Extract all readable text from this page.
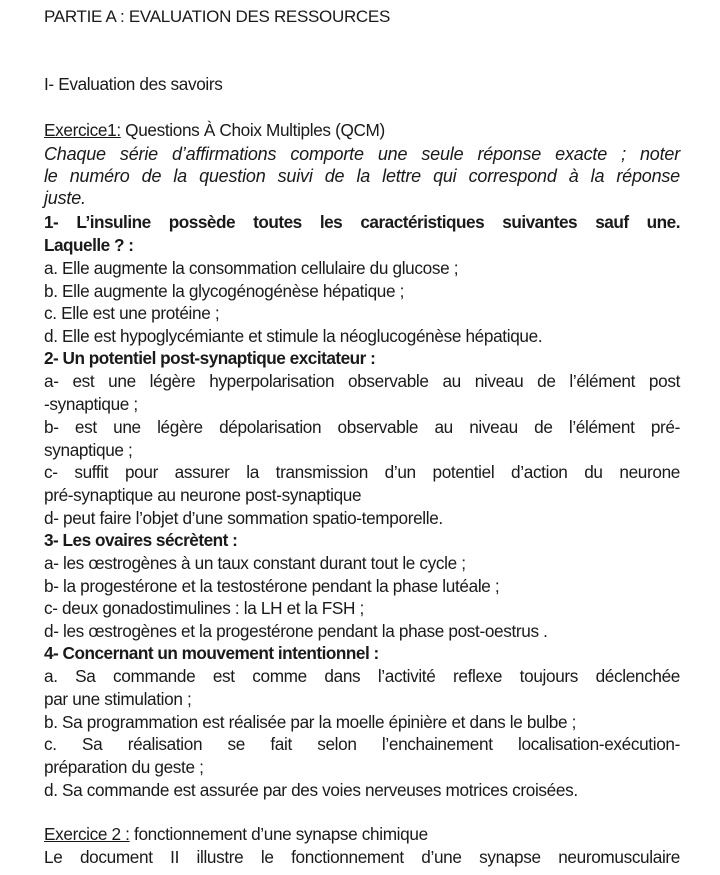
PARTIE A : EVALUATION DES RESSOURCES
I- Evaluation des savoirs
Exercice1: Questions À Choix Multiples (QCM)
Chaque série d’affirmations comporte une seule réponse exacte ; noter
le numéro de la question suivi de la lettre qui correspond à la réponse
juste.
1- L’insuline possède toutes les caractéristiques suivantes sauf une.
Laquelle ? :
a. Elle augmente la consommation cellulaire du glucose ;
b. Elle augmente la glycogénogénèse hépatique ;
c. Elle est une protéine ;
d. Elle est hypoglycémiante et stimule la néoglucogénèse hépatique.
2- Un potentiel post-synaptique excitateur :
a- est une légère hyperpolarisation observable au niveau de l’élément post
-synaptique ;
b- est une légère dépolarisation observable au niveau de l’élément pré-
synaptique ;
c- suffit pour assurer la transmission d’un potentiel d’action du neurone
pré-synaptique au neurone post-synaptique
d- peut faire l’objet d’une sommation spatio-temporelle.
3- Les ovaires sécrètent :
a- les œstrogènes à un taux constant durant tout le cycle ;
b- la progestérone et la testostérone pendant la phase lutéale ;
c- deux gonadostimulines : la LH et la FSH ;
d- les œstrogènes et la progestérone pendant la phase post-oestrus .
4- Concernant un mouvement intentionnel :
a. Sa commande est comme dans l’activité reflexe toujours déclenchée
par une stimulation ;
b. Sa programmation est réalisée par la moelle épinière et dans le bulbe ;
c. Sa réalisation se fait selon l’enchainement localisation-exécution-
préparation du geste ;
d. Sa commande est assurée par des voies nerveuses motrices croisées.
Exercice 2 : fonctionnement d’une synapse chimique
Le document II illustre le fonctionnement d’une synapse neuromusculaire
